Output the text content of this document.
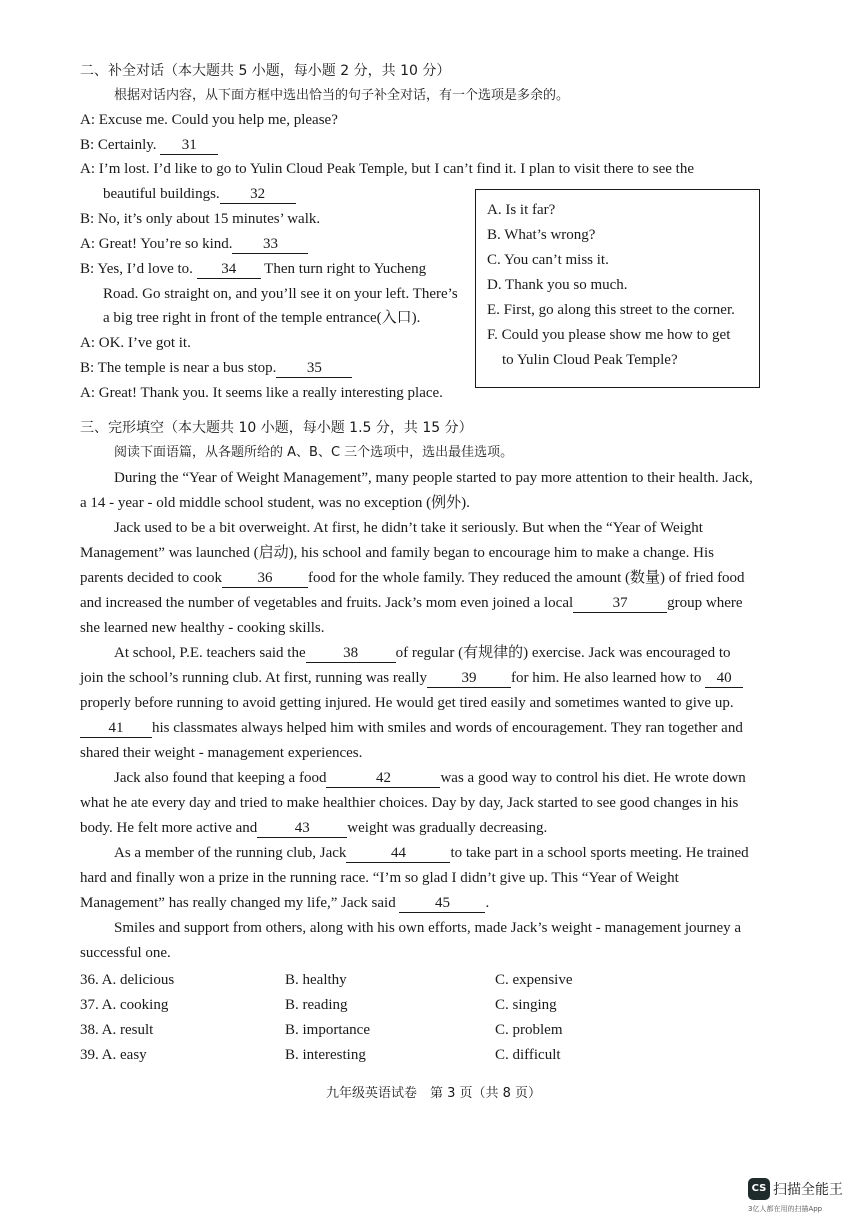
二、补全对话（本大题共 5 小题，每小题 2 分，共 10 分）
根据对话内容，从下面方框中选出恰当的句子补全对话，有一个选项是多余的。
A: Excuse me. Could you help me, please?
B: Certainly. 31
A: I’m lost. I’d like to go to Yulin Cloud Peak Temple, but I can’t find it. I plan to visit there to see the
beautiful buildings. 32
B: No, it’s only about 15 minutes’ walk.
A: Great! You’re so kind. 33
B: Yes, I’d love to. 34 Then turn right to Yucheng
Road. Go straight on, and you’ll see it on your left. There’s
a big tree right in front of the temple entrance(入口).
A: OK. I’ve got it.
B: The temple is near a bus stop. 35
A: Great! Thank you. It seems like a really interesting place.
A. Is it far?
B. What’s wrong?
C. You can’t miss it.
D. Thank you so much.
E. First, go along this street to the corner.
F. Could you please show me how to get
to Yulin Cloud Peak Temple?
三、完形填空（本大题共 10 小题，每小题 1.5 分，共 15 分）
阅读下面语篇，从各题所给的 A、B、C 三个选项中，选出最佳选项。
During the “Year of Weight Management”, many people started to pay more attention to their health. Jack,
a 14 - year - old middle school student, was no exception (例外).
Jack used to be a bit overweight. At first, he didn’t take it seriously. But when the “Year of Weight
Management” was launched (启动), his school and family began to encourage him to make a change. His
parents decided to cook 36 food for the whole family. They reduced the amount (数量) of fried food
and increased the number of vegetables and fruits. Jack’s mom even joined a local	37	group where
she learned new healthy - cooking skills.
At school, P.E. teachers said the	38	of regular (有规律的) exercise. Jack was encouraged to
join the school’s running club. At first, running was really 39 for him. He also learned how to 40
properly before running to avoid getting injured. He would get tired easily and sometimes wanted to give up.
41 his classmates always helped him with smiles and words of encouragement. They ran together and
shared their weight - management experiences.
Jack also found that keeping a food	42	was a good way to control his diet. He wrote down
what he ate every day and tried to make healthier choices. Day by day, Jack started to see good changes in his
body. He felt more active and	43	weight was gradually decreasing.
As a member of the running club, Jack	44	to take part in a school sports meeting. He trained
hard and finally won a prize in the running race. “I’m so glad I didn’t give up. This “Year of Weight
Management” has really changed my life,” Jack said 45 .
Smiles and support from others, along with his own efforts, made Jack’s weight - management journey a
successful one.
36. A. delicious	B. healthy	C. expensive
37. A. cooking	B. reading	C. singing
38. A. result	B. importance	C. problem
39. A. easy	B. interesting	C. difficult
九年级英语试卷　第 3 页（共 8 页）
CS 扫描全能王
3亿人都在用的扫描App
